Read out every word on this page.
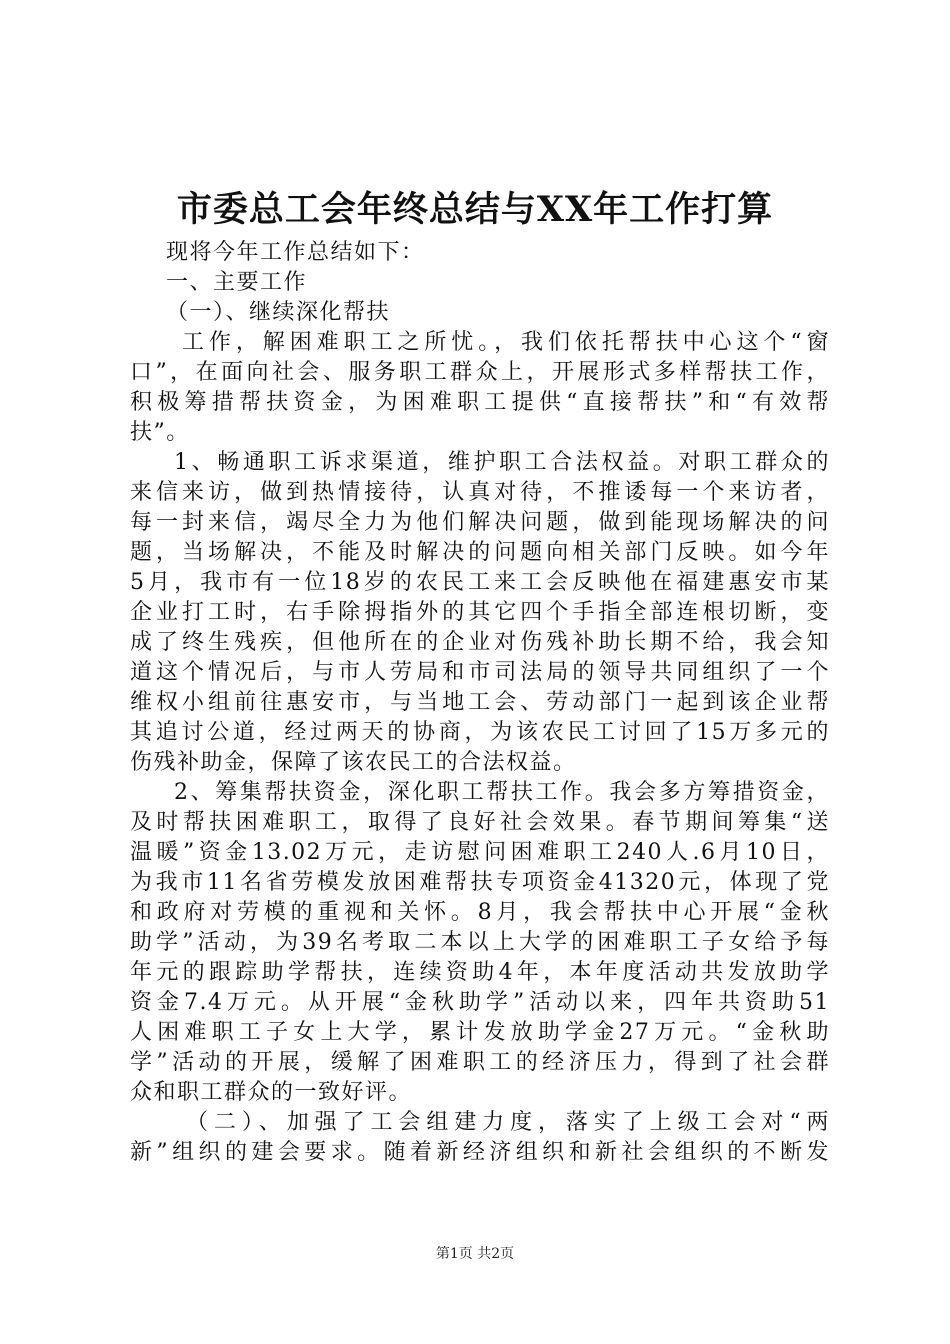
市委总工会年终总结与XX年工作打算
现将今年工作总结如下：
一、主要工作
（一）、继续深化帮扶
工作，解困难职工之所忧。，我们依托帮扶中心这个“窗
口”，在面向社会、服务职工群众上，开展形式多样帮扶工作，
积极筹措帮扶资金，为困难职工提供“直接帮扶”和“有效帮
扶”。
1、畅通职工诉求渠道，维护职工合法权益。对职工群众的
来信来访，做到热情接待，认真对待，不推诿每一个来访者，
每一封来信，竭尽全力为他们解决问题，做到能现场解决的问
题，当场解决，不能及时解决的问题向相关部门反映。如今年
5月，我市有一位18岁的农民工来工会反映他在福建惠安市某
企业打工时，右手除拇指外的其它四个手指全部连根切断，变
成了终生残疾，但他所在的企业对伤残补助长期不给，我会知
道这个情况后，与市人劳局和市司法局的领导共同组织了一个
维权小组前往惠安市，与当地工会、劳动部门一起到该企业帮
其追讨公道，经过两天的协商，为该农民工讨回了15万多元的
伤残补助金，保障了该农民工的合法权益。
2、筹集帮扶资金，深化职工帮扶工作。我会多方筹措资金，
及时帮扶困难职工，取得了良好社会效果。春节期间筹集“送
温暖”资金13.02万元，走访慰问困难职工240人.6月10日，
为我市11名省劳模发放困难帮扶专项资金41320元，体现了党
和政府对劳模的重视和关怀。8月，我会帮扶中心开展“金秋
助学”活动，为39名考取二本以上大学的困难职工子女给予每
年元的跟踪助学帮扶，连续资助4年，本年度活动共发放助学
资金7.4万元。从开展“金秋助学”活动以来，四年共资助51
人困难职工子女上大学，累计发放助学金27万元。“金秋助
学”活动的开展，缓解了困难职工的经济压力，得到了社会群
众和职工群众的一致好评。
（二）、加强了工会组建力度，落实了上级工会对“两
新”组织的建会要求。随着新经济组织和新社会组织的不断发
第1页 共2页
